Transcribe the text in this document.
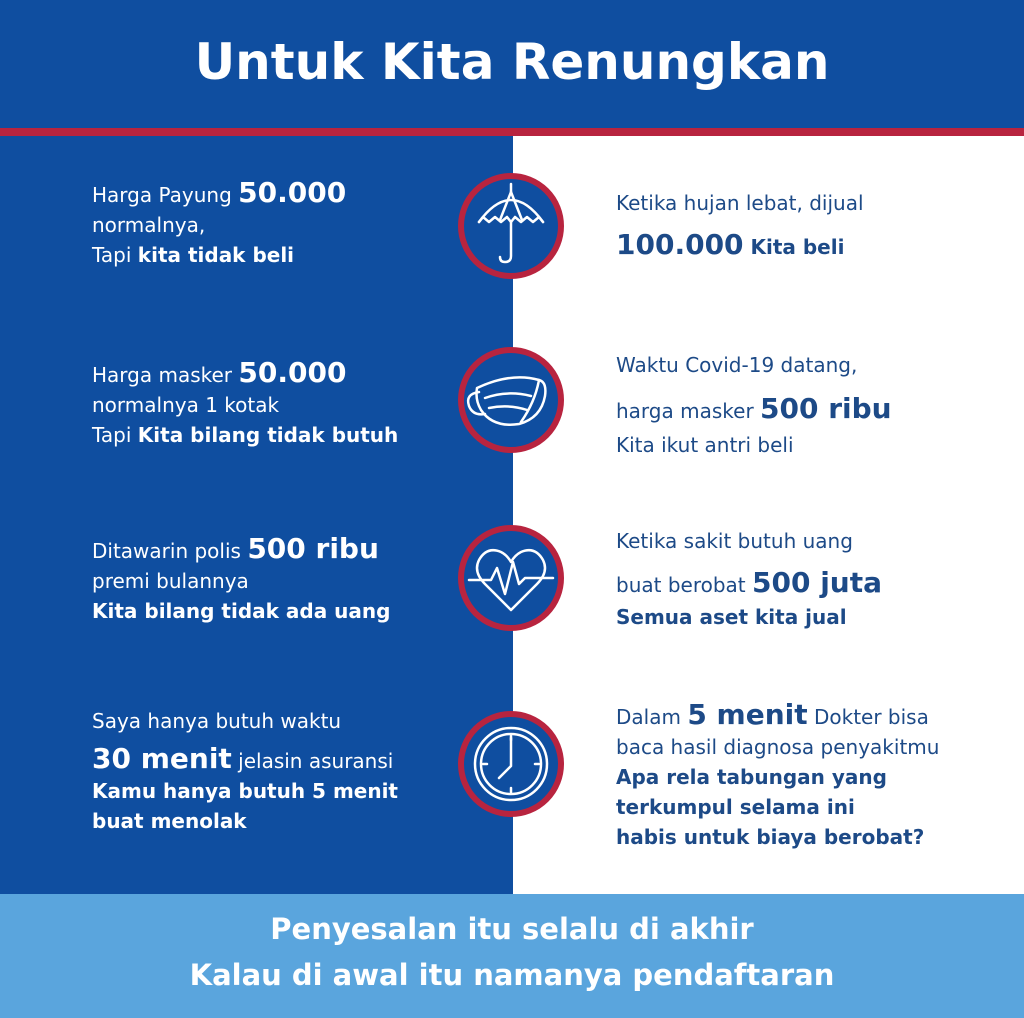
Untuk Kita Renungkan
Harga Payung 50.000
normalnya,
Tapi kita tidak beli
Ketika hujan lebat, dijual
100.000 Kita beli
Harga masker 50.000
normalnya 1 kotak
Tapi Kita bilang tidak butuh
Waktu Covid-19 datang,
harga masker 500 ribu
Kita ikut antri beli
Ditawarin polis 500 ribu
premi bulannya
Kita bilang tidak ada uang
Ketika sakit butuh uang
buat berobat 500 juta
Semua aset kita jual
Saya hanya butuh waktu
30 menit jelasin asuransi
Kamu hanya butuh 5 menit
buat menolak
Dalam 5 menit Dokter bisa
baca hasil diagnosa penyakitmu
Apa rela tabungan yang
terkumpul selama ini
habis untuk biaya berobat?
Penyesalan itu selalu di akhir
Kalau di awal itu namanya pendaftaran
